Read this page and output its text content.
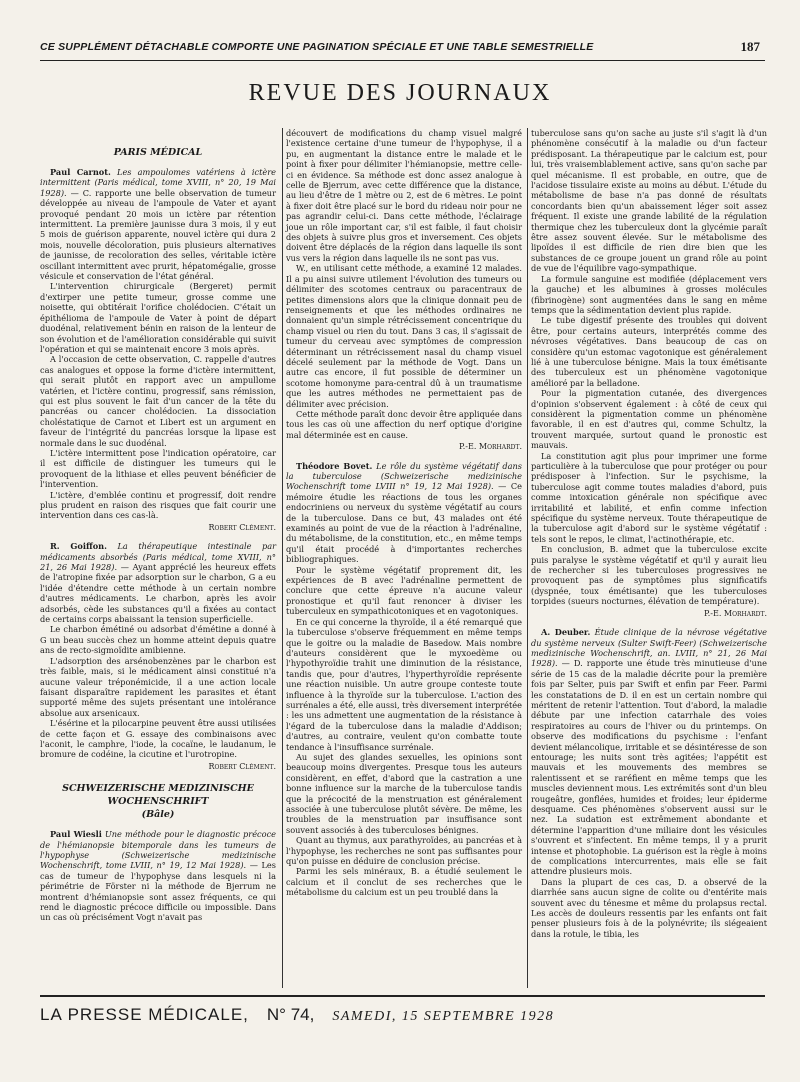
CE SUPPLÉMENT DÉTACHABLE COMPORTE UNE PAGINATION SPÉCIALE ET UNE TABLE SEMESTRIELLE	187
REVUE DES JOURNAUX

PARIS MÉDICAL

Paul Carnot. Les ampoulomes vatériens à ictère intermittent (Paris médical, tome XVIII, n° 20, 19 Mai 1928). — C. rapporte une belle observation de tumeur développée au niveau de l'ampoule de Vater et ayant provoqué pendant 20 mois un ictère par rétention intermittent. La première jaunisse dura 3 mois, il y eut 5 mois de guérison apparente, nouvel ictère qui dura 2 mois, nouvelle décoloration, puis plusieurs alternatives de jaunisse, de recoloration des selles, véritable ictère oscillant intermittent avec prurit, hépatomégalie, grosse vésicule et conservation de l'état général.

L'intervention chirurgicale (Bergeret) permit d'extirper une petite tumeur, grosse comme une noisette, qui obtitérait l'orifice cholédocien. C'était un épithélioma de l'ampoule de Vater à point de départ duodénal, relativement bénin en raison de la lenteur de son évolution et de l'amélioration considérable qui suivit l'opération et qui se maintenait encore 3 mois après.

A l'occasion de cette observation, C. rappelle d'autres cas analogues et oppose la forme d'ictère intermittent, qui serait plutôt en rapport avec un ampullome vatérien, et l'ictère continu, progressif, sans rémission, qui est plus souvent le fait d'un cancer de la tête du pancréas ou cancer cholédocien. La dissociation choléstatique de Carnot et Libert est un argument en faveur de l'intégrité du pancréas lorsque la lipase est normale dans le suc duodénal.

L'ictère intermittent pose l'indication opératoire, car il est difficile de distinguer les tumeurs qui le provoquent de la lithiase et elles peuvent bénéficier de l'intervention.

L'ictère, d'emblée continu et progressif, doit rendre plus prudent en raison des risques que fait courir une intervention dans ces cas-là.

Robert Clément.

R. Goiffon. La thérapeutique intestinale par médicaments absorbés (Paris médical, tome XVIII, n° 21, 26 Mai 1928). — Ayant apprécié les heureux effets de l'atropine fixée par adsorption sur le charbon, G a eu l'idée d'étendre cette méthode à un certain nombre d'autres médicaments. Le charbon, après les avoir adsorbés, cède les substances qu'il a fixées au contact de certains corps abaissant la tension superficielle.

Le charbon émétiné ou adsorbat d'émétine a donné à G un beau succès chez un homme atteint depuis quatre ans de recto-sigmoïdite amibienne.

L'adsorption des arsénobenzènes par le charbon est très faible, mais, si le médicament ainsi constitué n'a aucune valeur tréponémicide, il a une action locale faisant disparaître rapidement les parasites et étant supporté même des sujets présentant une intolérance absolue aux arsenicaux.

L'ésérine et la pilocarpine peuvent être aussi utilisées de cette façon et G. essaye des combinaisons avec l'aconit, le camphre, l'iode, la cocaïne, le laudanum, le bromure de codéine, la cicutine et l'urotropine.

Robert Clément.

SCHWEIZERISCHE MEDIZINISCHE WOCHENSCHRIFT

(Bâle)

Paul Wiesli Une méthode pour le diagnostic précoce de l'hémianopsie bitemporale dans les tumeurs de l'hypophyse	(Schweizerische medizinische Wochenschrift, tome LVIII, n° 19, 12 Mai 1928). — Les cas de tumeur de l'hypophyse dans lesquels ni la périmétrie de Förster ni la méthode de Bjerrum ne montrent d'hémianopsie sont assez fréquents, ce qui rend le diagnostic précoce difficile ou impossible. Dans un cas où précisément Vogt n'avait pas

découvert de modifications du champ visuel malgré l'existence certaine d'une tumeur de l'hypophyse, il a pu, en augmentant la distance entre le malade et le point à fixer pour délimiter l'hémianopsie, mettre celle-ci en évidence. Sa méthode est donc assez analogue à celle de Bjerrum, avec cette différence que la distance, au lieu d'être de 1 mètre ou 2, est de 6 mètres. Le point à fixer doit être placé sur le bord du rideau noir pour ne pas agrandir celui-ci. Dans cette méthode, l'éclairage joue un rôle important car, s'il est faible, il faut choisir des objets à suivre plus gros et inversement. Ces objets doivent être déplacés de la région dans laquelle ils sont vus vers la région dans laquelle ils ne sont pas vus.

W., en utilisant cette méthode, a examiné 12 malades. Il a pu ainsi suivre utilement l'évolution des tumeurs ou délimiter des scotomes centraux ou paracentraux de petites dimensions alors que la clinique donnait peu de renseignements et que les méthodes ordinaires ne donnaient qu'un simple rétrécissement concentrique du champ visuel ou rien du tout. Dans 3 cas, il s'agissait de tumeur du cerveau avec symptômes de compression déterminant un rétrécissement nasal du champ visuel décelé seulement par la méthode de Vogt. Dans un autre cas encore, il fut possible de déterminer un scotome homonyme para-central dû à un traumatisme que les autres méthodes ne permettaient pas de délimiter avec précision.

Cette méthode paraît donc devoir être appliquée dans tous les cas où une affection du nerf optique d'origine mal déterminée est en cause.

P.-E. Morhardt.

Théodore Bovet. Le rôle du système végétatif dans la tuberculose (Schweizerische medizinische Wochenschrift tome LVIII n° 19, 12 Mai 1928). — Ce mémoire étudie les réactions de tous les organes endocriniens ou nerveux du système végétatif au cours de la tuberculose. Dans ce but, 43 malades ont été examinés au point de vue de la réaction à l'adrénaline, du métabolisme, de la constitution, etc., en même temps qu'il était procédé à d'importantes recherches bibliographiques.

Pour le système végétatif proprement dit, les expériences de B avec l'adrénaline permettent de conclure que cette épreuve n'a aucune valeur pronostique et qu'il faut renoncer à diviser les tuberculeux en sympathicotoniques et en vagotoniques.

En ce qui concerne la thyroïde, il a été remarqué que la tuberculose s'observe fréquemment en même temps que le goitre ou la maladie de Basedow. Mais nombre d'auteurs considèrent que le myxoedème ou l'hypothyroïdie trahit une diminution de la résistance, tandis que, pour d'autres, l'hyperthyroïdie représente une réaction nuisible. Un autre groupe conteste toute influence à la thyroïde sur la tuberculose. L'action des surrénales a été, elle aussi, très diversement interprétée : les uns admettent une augmentation de la résistance à l'égard de la tuberculose dans la maladie d'Addison; d'autres, au contraire, veulent qu'on combatte toute tendance à l'insuffisance surrénale.

Au sujet des glandes sexuelles, les opinions sont beaucoup moins divergentes. Presque tous les auteurs considèrent, en effet, d'abord que la castration a une bonne influence sur la marche de la tuberculose tandis que la précocité de la menstruation est généralement associée à une tuberculose plutôt sévère. De même, les troubles de la menstruation par insuffisance sont souvent associés à des tuberculoses bénignes.

Quant au thymus, aux parathyroïdes, au pancréas et à l'hypophyse, les recherches ne sont pas suffisantes pour qu'on puisse en déduire de conclusion précise.

Parmi les sels minéraux, B. a étudié seulement le calcium et il conclut de ses recherches que le métabolisme du calcium est un peu troublé dans la

tuberculose sans qu'on sache au juste s'il s'agit là d'un phénomène consécutif à la maladie ou d'un facteur prédisposant. La thérapeutique par le calcium est, pour lui, très vraisemblablement active, sans qu'on sache par quel mécanisme. Il est probable, en outre, que de l'acidose tissulaire existe au moins au début. L'étude du métabolisme de base n'a pas donné de résultats concordants bien qu'un abaissement léger soit assez fréquent. Il existe une grande labilité de la régulation thermique chez les tuberculeux dont la glycémie paraît être assez souvent élevée. Sur le métabolisme des lipoïdes il est difficile de rien dire bien que les substances de ce groupe jouent un grand rôle au point de vue de l'équilibre vago-sympathique.

La formule sanguine est modifiée (déplacement vers la gauche) et les albumines à grosses molécules (fibrinogène) sont augmentées dans le sang en même temps que la sédimentation devient plus rapide.

Le tube digestif présente des troubles qui doivent être, pour certains auteurs, interprétés comme des névroses végétatives. Dans beaucoup de cas on considère qu'un estomac vagotonique est généralement lié à une tuberculose bénigne. Mais la toux émétisante des tuberculeux est un phénomène vagotonique amélioré par la belladone.

Pour la pigmentation cutanée, des divergences d'opinion s'observent également : à côté de ceux qui considèrent la pigmentation comme un phénomène favorable, il en est d'autres qui, comme Schultz, la trouvent marquée, surtout quand le pronostic est mauvais.

La constitution agit plus pour imprimer une forme particulière à la tuberculose que pour protéger ou pour prédisposer à l'infection. Sur le psychisme, la tuberculose agit comme toutes maladies d'abord, puis comme intoxication générale non spécifique avec irritabilité et labilité, et enfin comme infection spécifique du système nerveux. Toute thérapeutique de la tuberculose agit d'abord sur le système végétatif : tels sont le repos, le climat, l'actinothérapie, etc.

En conclusion, B. admet que la tuberculose excite puis paralyse le système végétatif et qu'il y aurait lieu de rechercher si les tuberculoses progressives ne provoquent pas de symptômes plus significatifs (dyspnée, toux émétisante) que les tuberculoses torpides (sueurs nocturnes, élévation de température).

P.-E. Morhardt.

A. Deuber. Étude clinique de la névrose végétative du système nerveux (Sulter Swift-Feer) (Schweizerische medizinische Wochenschrift, an. LVIII, n° 21, 26 Mai 1928). — D. rapporte une étude très minutieuse d'une série de 15 cas de la maladie décrite pour la première fois par Selter, puis par Swift et enfin par Feer. Parmi les constatations de D. il en est un certain nombre qui méritent de retenir l'attention. Tout d'abord, la maladie débute par une infection catarrhale des voies respiratoires au cours de l'hiver ou du printemps. On observe des modifications du psychisme : l'enfant devient mélancolique, irritable et se désintéresse de son entourage; les nuits sont très agitées; l'appétit est mauvais et les mouvements des membres se ralentissent et se raréfient en même temps que les muscles deviennent mous. Les extrémités sont d'un bleu rougeâtre, gonflées, humides et froides; leur épiderme desquame. Ces phénomènes s'observent aussi sur le nez. La sudation est extrêmement abondante et détermine l'apparition d'une miliaire dont les vésicules s'ouvrent et s'infectent. En même temps, il y a prurit intense et photophobie. La guérison est la règle à moins de complications intercurrentes, mais elle se fait attendre plusieurs mois.

Dans la plupart de ces cas, D. a observé de la diarrhée sans aucun signe de colite ou d'entérite mais souvent avec du ténesme et même du prolapsus rectal. Les accès de douleurs ressentis par les enfants ont fait penser plusieurs fois à de la polynévrite; ils siégeaient dans la rotule, le tibia, les

LA PRESSE MÉDICALE, N° 74, SAMEDI, 15 SEPTEMBRE 1928
